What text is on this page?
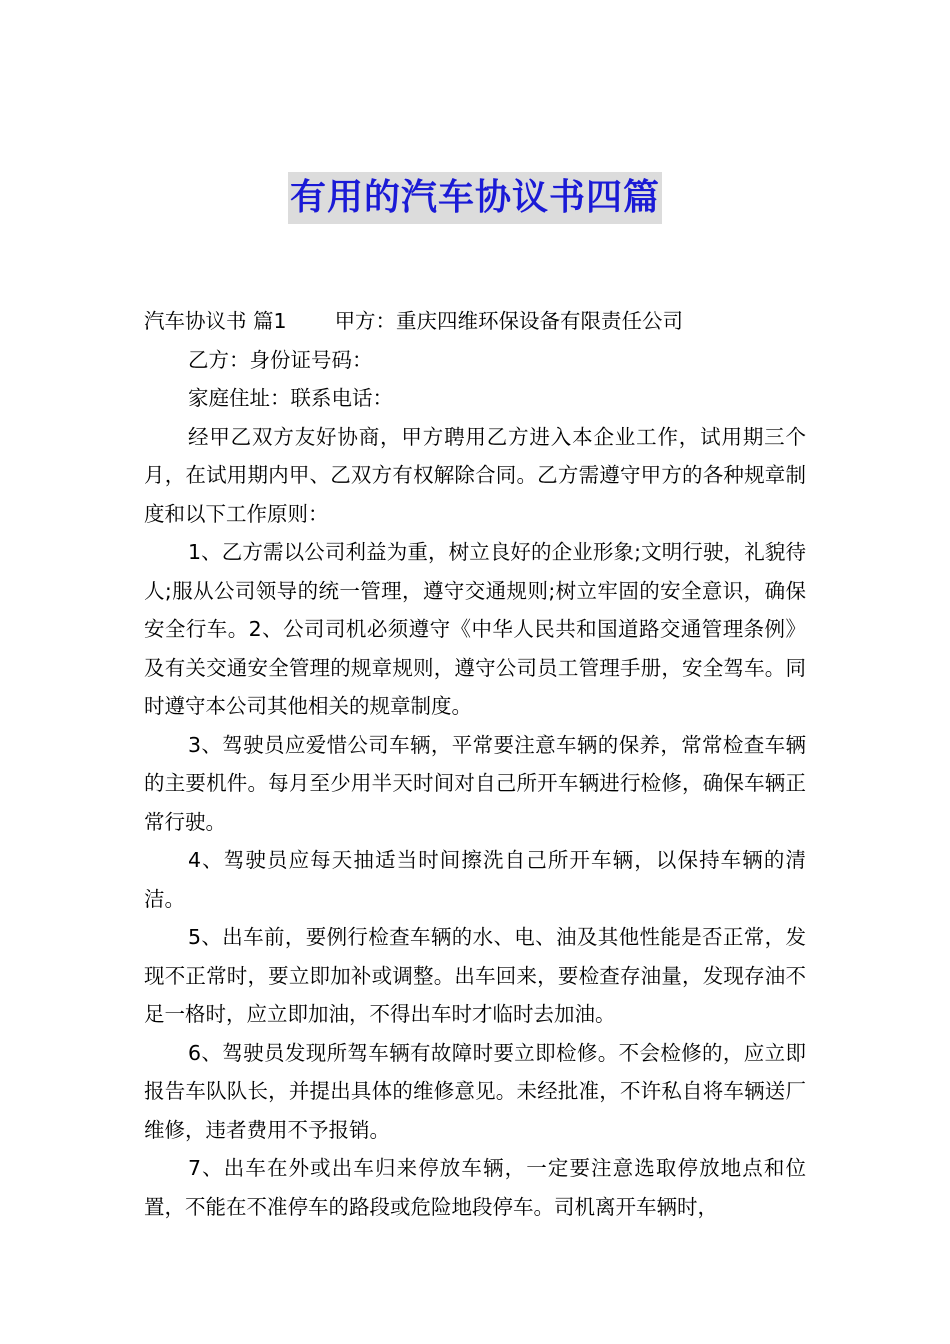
有用的汽车协议书四篇

汽车协议书 篇1 甲方：重庆四维环保设备有限责任公司

乙方：身份证号码：

家庭住址：联系电话：

经甲乙双方友好协商，甲方聘用乙方进入本企业工作，试用期三个月，在试用期内甲、乙双方有权解除合同。乙方需遵守甲方的各种规章制度和以下工作原则：

1、乙方需以公司利益为重，树立良好的企业形象;文明行驶，礼貌待人;服从公司领导的统一管理，遵守交通规则;树立牢固的安全意识，确保安全行车。2、公司司机必须遵守《中华人民共和国道路交通管理条例》及有关交通安全管理的规章规则，遵守公司员工管理手册，安全驾车。同时遵守本公司其他相关的规章制度。

3、驾驶员应爱惜公司车辆，平常要注意车辆的保养，常常检查车辆的主要机件。每月至少用半天时间对自己所开车辆进行检修，确保车辆正常行驶。

4、驾驶员应每天抽适当时间擦洗自己所开车辆，以保持车辆的清洁。

5、出车前，要例行检查车辆的水、电、油及其他性能是否正常，发现不正常时，要立即加补或调整。出车回来，要检查存油量，发现存油不足一格时，应立即加油，不得出车时才临时去加油。

6、驾驶员发现所驾车辆有故障时要立即检修。不会检修的，应立即报告车队队长，并提出具体的维修意见。未经批准，不许私自将车辆送厂维修，违者费用不予报销。

7、出车在外或出车归来停放车辆，一定要注意选取停放地点和位置，不能在不准停车的路段或危险地段停车。司机离开车辆时，
